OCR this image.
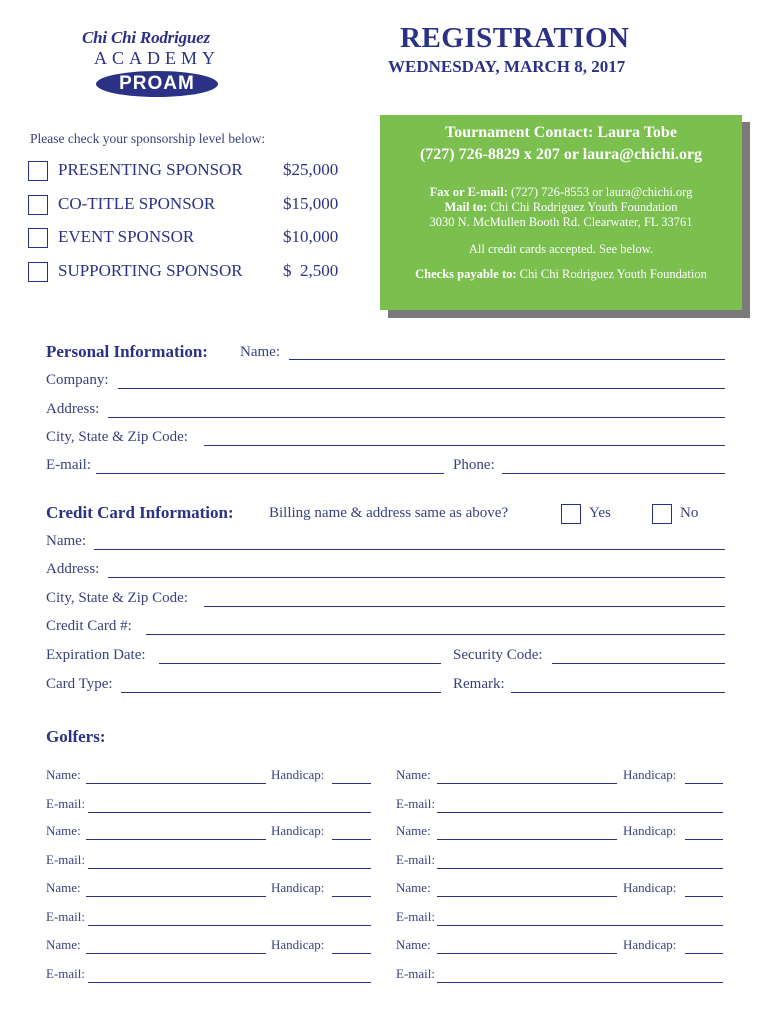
Chi Chi Rodriguez
ACADEMY
PROAM
REGISTRATION
WEDNESDAY, MARCH 8, 2017
Please check your sponsorship level below:
PRESENTING SPONSOR $25,000
CO-TITLE SPONSOR	$15,000
EVENT SPONSOR	$10,000
SUPPORTING SPONSOR $  2,500
Tournament Contact: Laura Tobe
(727) 726-8829 x 207 or laura@chichi.org
Fax or E-mail: (727) 726-8553 or laura@chichi.org
Mail to: Chi Chi Rodriguez Youth Foundation
3030 N. McMullen Booth Rd. Clearwater, FL 33761
All credit cards accepted. See below.
Checks payable to: Chi Chi Rodriguez Youth Foundation
Personal Information: Name:
Company:
Address:
City, State & Zip Code:
E-mail:	Phone:
Credit Card Information: Billing name & address same as above?	Yes	No
Name:
Address:
City, State & Zip Code:
Credit Card #:
Expiration Date:	Security Code:
Card Type:	Remark:
Golfers:
Name:	Handicap:
E-mail:
Name:	Handicap:
E-mail:
Name:	Handicap:
E-mail:
Name:	Handicap:
E-mail:
Name:	Handicap:
E-mail:
Name:	Handicap:
E-mail:
Name:	Handicap:
E-mail:
Name:	Handicap:
E-mail:
